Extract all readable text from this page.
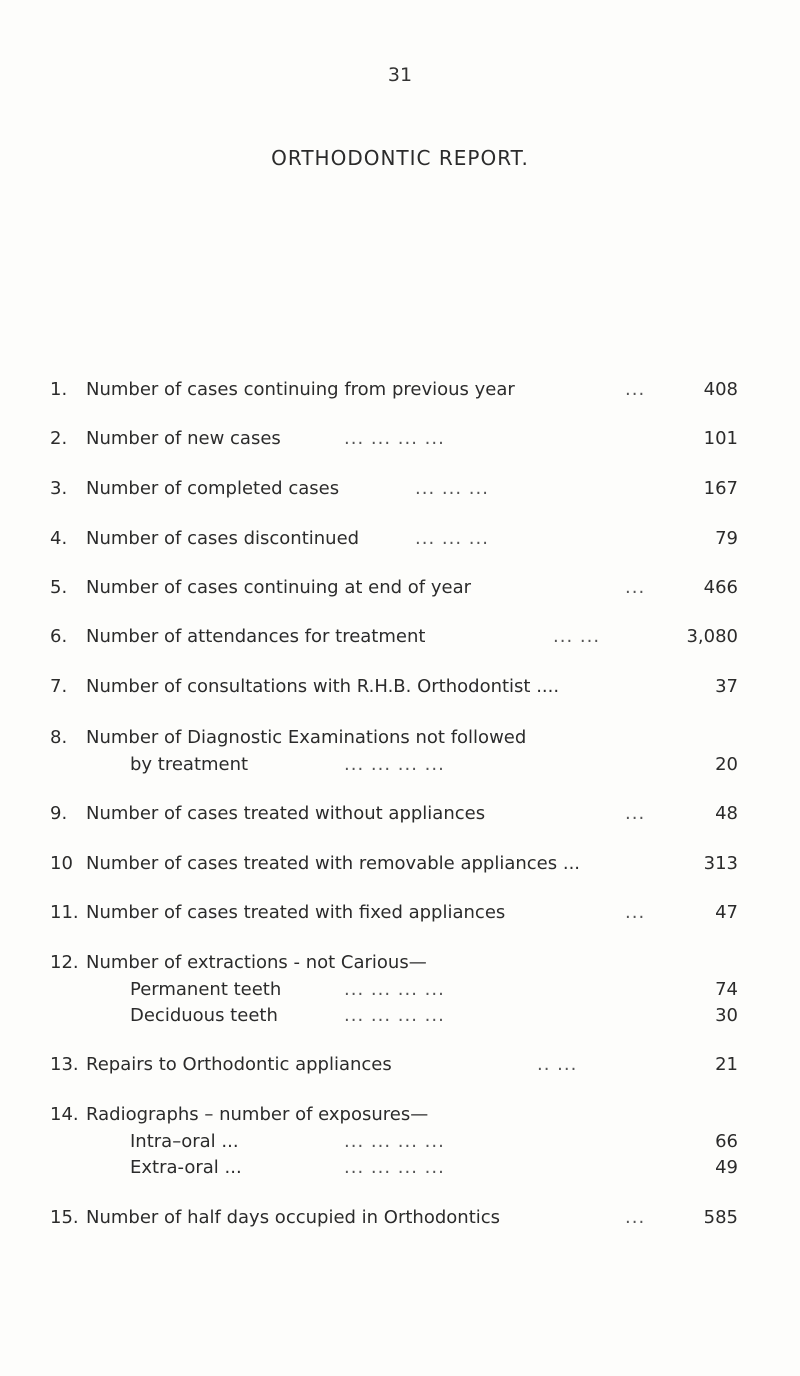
31
ORTHODONTIC REPORT.
1. Number of cases continuing from previous year	...	408
2. Number of new cases	... ... ... ...	101
3. Number of completed cases	... ... ...	167
4. Number of cases discontinued	... ... ...	79
5. Number of cases continuing at end of year	...	466
6. Number of attendances for treatment	... ...	3,080
7. Number of consultations with R.H.B. Orthodontist ....	37
8. Number of Diagnostic Examinations not followed
by treatment	... ... ... ...	20
9. Number of cases treated without appliances	...	48
10 Number of cases treated with removable appliances ...	313
11. Number of cases treated with fixed appliances	...	47
12. Number of extractions - not Carious—
Permanent teeth	... ... ... ...	74
Deciduous teeth	... ... ... ...	30
13. Repairs to Orthodontic appliances	.. ...	21
14. Radiographs – number of exposures—
Intra–oral ...	... ... ... ...	66
Extra-oral ...	... ... ... ...	49
15. Number of half days occupied in Orthodontics	...	585
